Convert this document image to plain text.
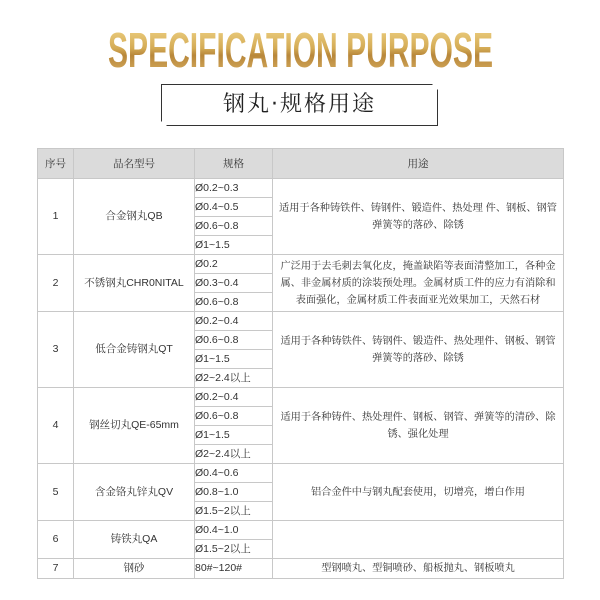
SPECIFICATION PURPOSE
钢丸·规格用途
序号	品名型号	规格	用途
1	合金钢丸QB	Ø0.2~0.3	适用于各种铸铁件、铸钢件、锻造件、热处理 件、钢板、钢管
弹簧等的落砂、除锈

		Ø0.4~0.5	
		Ø0.6~0.8	
		Ø1~1.5	
2	不锈钢丸CHR0NITAL	Ø0.2	广泛用于去毛刺去氧化皮，掩盖缺陷等表面清整加工，各种金
属、非金属材质的涂装预处理。金属材质工件的应力有消除和
表面强化，金属材质工件表面亚光效果加工，天然石材

		Ø0.3~0.4	
		Ø0.6~0.8	
3	低合金铸钢丸QT	Ø0.2~0.4	适用于各种铸铁件、铸钢件、锻造件、热处理件、钢板、钢管
弹簧等的落砂、除锈

		Ø0.6~0.8	
		Ø1~1.5	
		Ø2~2.4以上	
4	钢丝切丸QE-65mm	Ø0.2~0.4	适用于各种铸件、热处理件、钢板、钢管、弹簧等的清砂、除
锈、强化处理

		Ø0.6~0.8	
		Ø1~1.5	
		Ø2~2.4以上	
5	含金铬丸锌丸QV	Ø0.4~0.6	铝合金件中与钢丸配套使用，切增亮，增白作用

		Ø0.8~1.0	
		Ø1.5~2以上	
6	铸铁丸QA	Ø0.4~1.0	
		Ø1.5~2以上	
7	钢砂	80#~120#	型钢喷丸、型铜喷砂、船板抛丸、钢板喷丸
